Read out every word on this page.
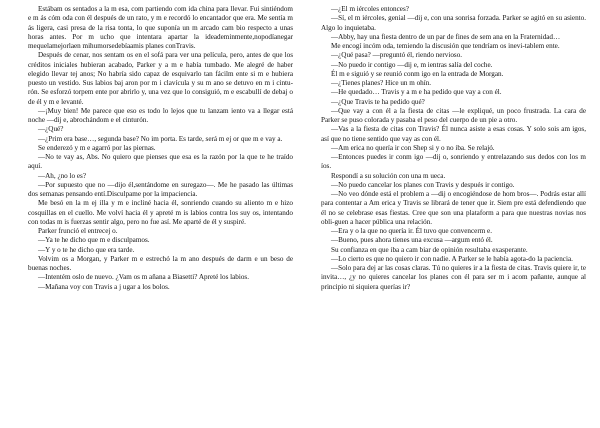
Estábam os sentados a la m esa, com partiendo com ida china para llevar. Fui sintiéndom e m ás cóm oda con él después de un rato, y m e recordó lo encantador que era. Me sentía m ás ligera, casi presa de la risa tonta, lo que suponía un m arcado cam bio respecto a unas horas antes. Por m ucho que intentara apartar la ideademinmente,nopodíanegar mequelamejorlaen mihumorsedebíaamis planes conTravis.

Después de cenar, nos sentam os en el sofá para ver una película, pero, antes de que los créditos iniciales hubieran acabado, Parker y a m e había tumbado. Me alegré de haber elegido llevar tej anos; No habría sido capaz de esquivarlo tan fácilm ente si m e hubiera puesto un vestido. Sus labios baj aron por m i clavícula y su m ano se detuvo en m i cintu-rón. Se esforzó torpem ente por abrirlo y, una vez que lo consiguió, m e escabullí de debaj o de él y m e levanté.

—¡Muy bien! Me parece que eso es todo lo lejos que tu lanzam iento va a llegar está noche —dij e, abrochándom e el cinturón.

—¿Qué?

—¿Prim era base…, segunda base? No im porta. Es tarde, será m ej or que m e vay a.

Se enderezó y m e agarró por las piernas.

—No te vay as, Abs. No quiero que pienses que esa es la razón por la que te he traído aquí.

—Ah, ¿no lo es?

—Por supuesto que no —dijo él,sentándome en suregazo—. Me he pasado las últimas dos semanas pensando entí.Disculpame por la impaciencia.

Me besó en la m ej illa y m e incliné hacia él, sonriendo cuando su aliento m e hizo cosquillas en el cuello. Me volví hacia él y apreté m is labios contra los suy os, intentando con todas m is fuerzas sentir algo, pero no fue así. Me aparté de él y suspiré.

Parker frunció el entrecej o.

—Ya te he dicho que m e disculpamos.

—Y y o te he dicho que era tarde.

Volvim os a Morgan, y Parker m e estrechó la m ano después de darm e un beso de buenas noches.

—Intentém oslo de nuevo. ¿Vam os m añana a Biasetti? Apreté los labios.

—Mañana voy con Travis a j ugar a los bolos.

—¿El m iércoles entonces?

—Sí, el m iércoles, genial —dij e, con una sonrisa forzada. Parker se agitó en su asiento. Algo lo inquietaba.

—Abby, hay una fiesta dentro de un par de fines de sem ana en la Fraternidad…

Me encogí incóm oda, temiendo la discusión que tendríam os inevi-tablem ente.

—¿Qué pasa? —preguntó él, riendo nervioso.

—No puedo ir contigo —dij e, m ientras salía del coche.

Él m e siguió y se reunió conm igo en la entrada de Morgan.

—¿Tienes planes? Hice un m ohín.

—He quedado… Travis y a m e ha pedido que vay a con él.

—¿Que Travis te ha pedido qué?

—Que vay a con él a la fiesta de citas —le expliqué, un poco frustrada. La cara de Parker se puso colorada y pasaba el peso del cuerpo de un pie a otro.

—Vas a la fiesta de citas con Travis? Él nunca asiste a esas cosas. Y solo sois am igos, así que no tiene sentido que vay as con él.

—Am erica no quería ir con Shep si y o no iba. Se relajó.

—Entonces puedes ir conm igo —dij o, sonriendo y entrelazando sus dedos con los m íos.

Respondí a su solución con una m ueca.

—No puedo cancelar los planes con Travis y después ir contigo.

—No veo dónde está el problem a —dij o encogiéndose de hom bros—. Podrás estar allí para contentar a Am erica y Travis se librará de tener que ir. Siem pre está defendiendo que él no se celebrase esas fiestas. Cree que son una plataform a para que nuestras novias nos obli-guen a hacer pública una relación.

—Era y o la que no quería ir. Él tuvo que convencerm e.

—Bueno, pues ahora tienes una excusa —argum entó él.

Su confianza en que iba a cam biar de opinión resultaba exasperante.

—Lo cierto es que no quiero ir con nadie. A Parker se le había agota-do la paciencia.

—Solo para dej ar las cosas claras. Tú no quieres ir a la fiesta de citas. Travis quiere ir, te invita…, ¿y no quieres cancelar los planes con él para ser m i acom pañante, aunque al principio ni siquiera querías ir?
